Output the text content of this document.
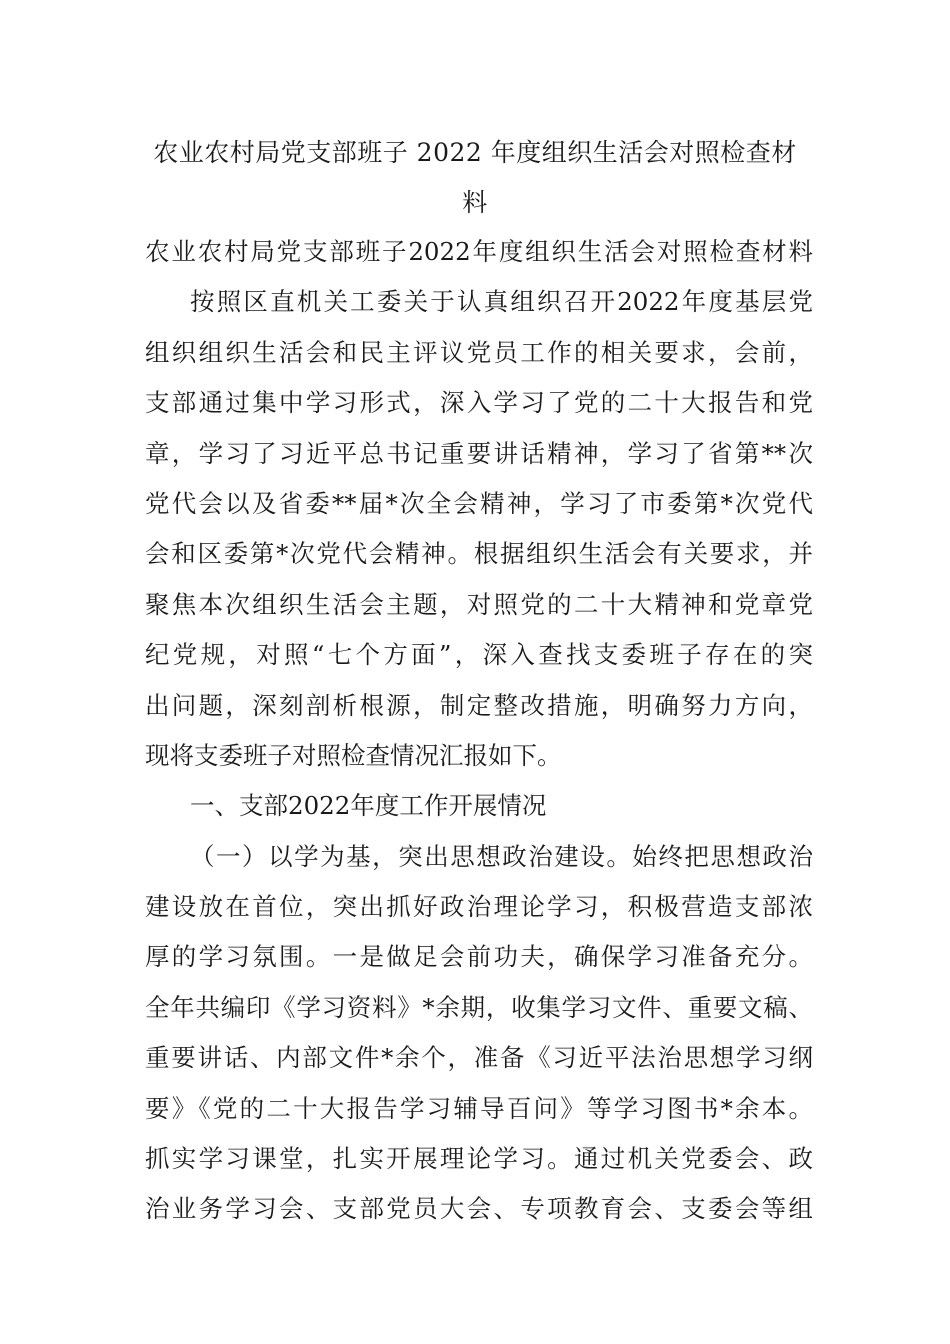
农业农村局党支部班子 2022 年度组织生活会对照检查材
料
农业农村局党支部班子2022年度组织生活会对照检查材料
按照区直机关工委关于认真组织召开2022年度基层党
组织组织生活会和民主评议党员工作的相关要求，会前，
支部通过集中学习形式，深入学习了党的二十大报告和党
章，学习了习近平总书记重要讲话精神，学习了省第**次
党代会以及省委**届*次全会精神，学习了市委第*次党代
会和区委第*次党代会精神。根据组织生活会有关要求，并
聚焦本次组织生活会主题，对照党的二十大精神和党章党
纪党规，对照“七个方面”，深入查找支委班子存在的突
出问题，深刻剖析根源，制定整改措施，明确努力方向，
现将支委班子对照检查情况汇报如下。
一、支部2022年度工作开展情况
（一）以学为基，突出思想政治建设。始终把思想政治
建设放在首位，突出抓好政治理论学习，积极营造支部浓
厚的学习氛围。一是做足会前功夫，确保学习准备充分。
全年共编印《学习资料》*余期，收集学习文件、重要文稿、
重要讲话、内部文件*余个，准备《习近平法治思想学习纲
要》《党的二十大报告学习辅导百问》等学习图书*余本。
抓实学习课堂，扎实开展理论学习。通过机关党委会、政
治业务学习会、支部党员大会、专项教育会、支委会等组
